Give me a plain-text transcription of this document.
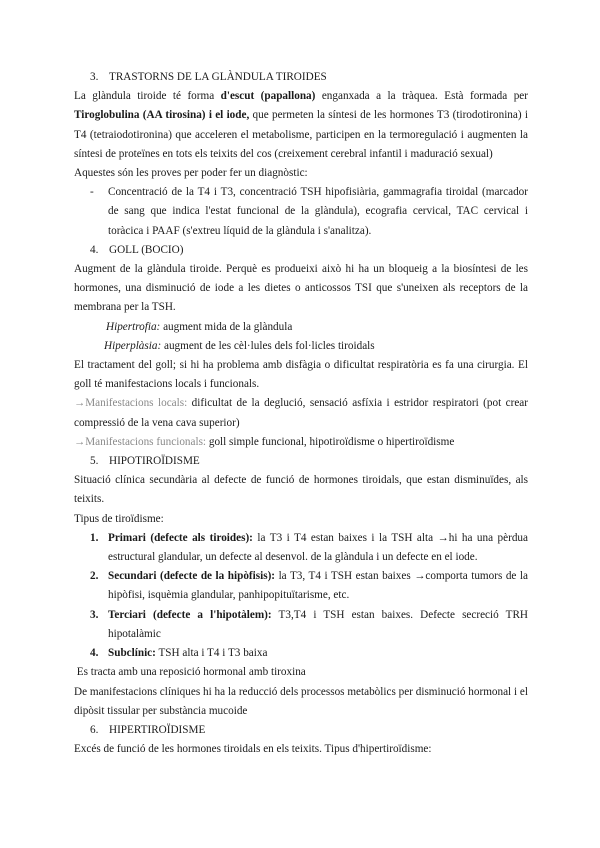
3. TRASTORNS DE LA GLÀNDULA TIROIDES

La glàndula tiroide té forma d'escut (papallona) enganxada a la tràquea. Està formada per Tiroglobulina (AA tirosina) i el iode, que permeten la síntesi de les hormones T3 (tirodotironina) i T4 (tetraiodotironina) que acceleren el metabolisme, participen en la termoregulació i augmenten la síntesi de proteïnes en tots els teixits del cos (creixement cerebral infantil i maduració sexual)

Aquestes són les proves per poder fer un diagnòstic:

- Concentració de la T4 i T3, concentració TSH hipofisiària, gammagrafia tiroidal (marcador de sang que indica l'estat funcional de la glàndula), ecografia cervical, TAC cervical i toràcica i PAAF (s'extreu líquid de la glàndula i s'analitza).

4. GOLL (BOCIO)

Augment de la glàndula tiroide. Perquè es produeixi això hi ha un bloqueig a la biosíntesi de les hormones, una disminució de iode a les dietes o anticossos TSI que s'uneixen als receptors de la membrana per la TSH.

Hipertrofia: augment mida de la glàndula

Hiperplàsia: augment de les cèl·lules dels fol·licles tiroidals

El tractament del goll; si hi ha problema amb disfàgia o dificultat respiratòria es fa una cirurgia. El goll té manifestacions locals i funcionals.

→Manifestacions locals: dificultat de la deglució, sensació asfíxia i estridor respiratori (pot crear compressió de la vena cava superior)

→Manifestacions funcionals: goll simple funcional, hipotiroïdisme o hipertiroïdisme

5. HIPOTIROÏDISME

Situació clínica secundària al defecte de funció de hormones tiroidals, que estan disminuïdes, als teixits.

Tipus de tiroïdisme:

1. Primari (defecte als tiroides): la T3 i T4 estan baixes i la TSH alta →hi ha una pèrdua estructural glandular, un defecte al desenvol. de la glàndula i un defecte en el iode.
2. Secundari (defecte de la hipòfisis): la T3, T4 i TSH estan baixes →comporta tumors de la hipòfisi, isquèmia glandular, panhipopituïtarisme, etc.
3. Terciari (defecte a l'hipotàlem): T3,T4 i TSH estan baixes. Defecte secreció TRH hipotalàmic
4. Subclínic: TSH alta i T4 i T3 baixa

Es tracta amb una reposició hormonal amb tiroxina

De manifestacions clíniques hi ha la reducció dels processos metabòlics per disminució hormonal i el dipòsit tissular per substància mucoide

6. HIPERTIROÏDISME

Excés de funció de les hormones tiroidals en els teixits. Tipus d'hipertiroïdisme:
